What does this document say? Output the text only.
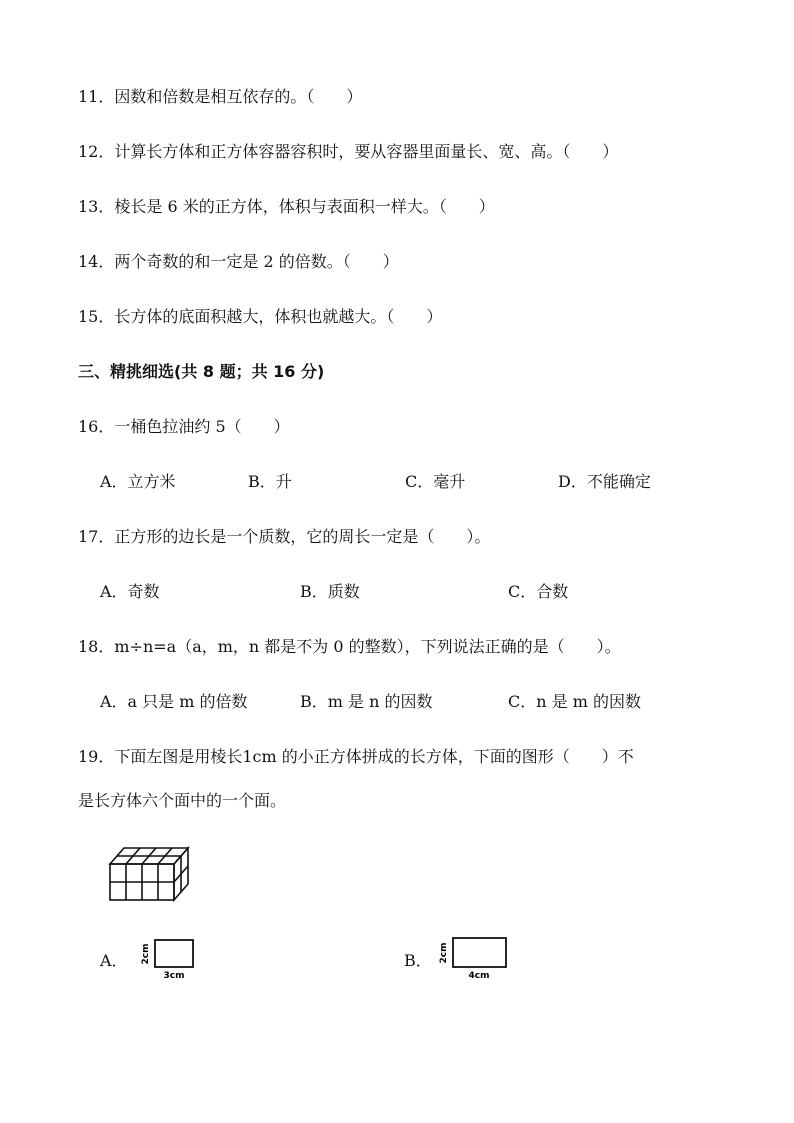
11．因数和倍数是相互依存的。（　　）
12．计算长方体和正方体容器容积时，要从容器里面量长、宽、高。（　　）
13．棱长是 6 米的正方体，体积与表面积一样大。（　　）
14．两个奇数的和一定是 2 的倍数。（　　）
15．长方体的底面积越大，体积也就越大。（　　）
三、精挑细选(共 8 题；共 16 分)
16．一桶色拉油约 5（　　）
A．立方米	B．升	C．毫升	D．不能确定
17．正方形的边长是一个质数，它的周长一定是（　　）。
A．奇数	B．质数	C．合数
18．m÷n=a（a，m，n 都是不为 0 的整数），下列说法正确的是（　　）。
A．a 只是 m 的倍数	B．m 是 n 的因数	C．n 是 m 的因数
19．下面左图是用棱长1cm 的小正方体拼成的长方体，下面的图形（　　）不
是长方体六个面中的一个面。
A． 2cm
3cm
B． 2cm
4cm
